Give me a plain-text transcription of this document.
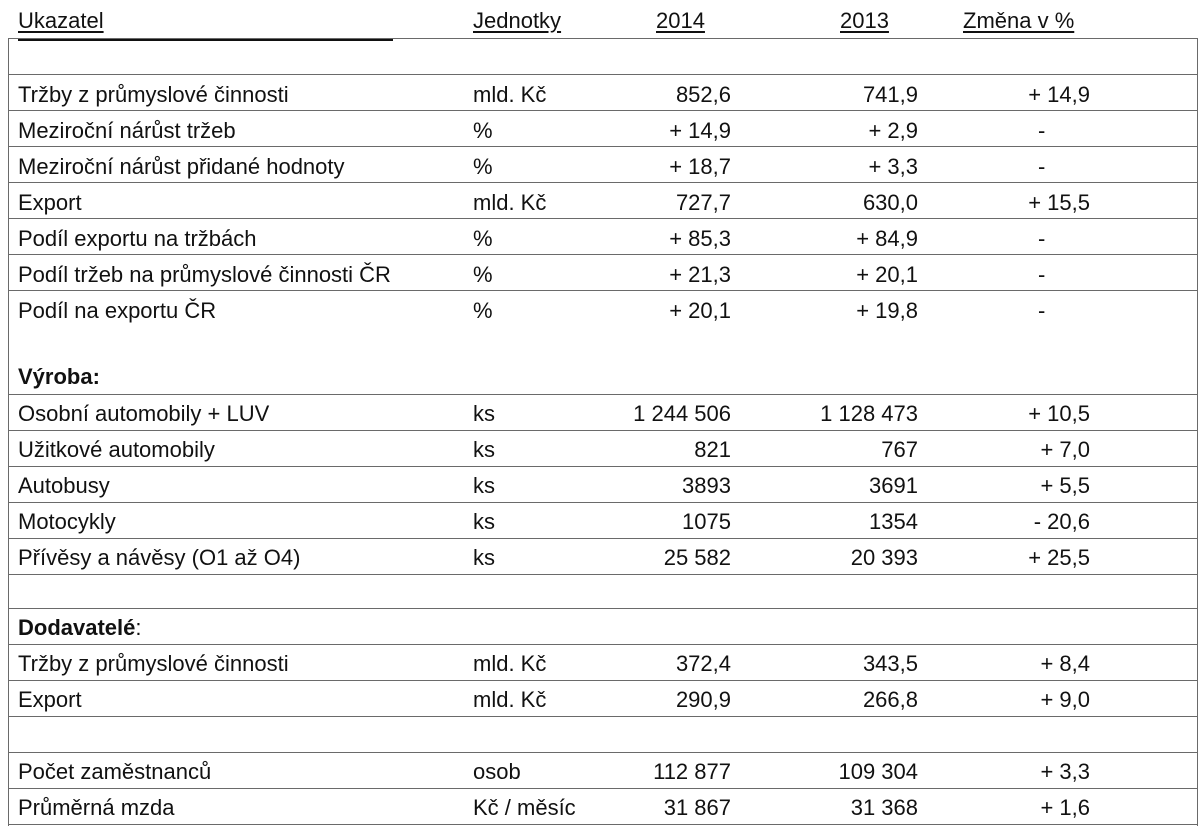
Ukazatel	Jednotky	2014	2013	Změna v %
Tržby z průmyslové činnosti	mld. Kč	852,6	741,9	+ 14,9
Meziroční nárůst tržeb	%	+ 14,9	+ 2,9	-
Meziroční nárůst přidané hodnoty	%	+ 18,7	+ 3,3	-
Export	mld. Kč	727,7	630,0	+ 15,5
Podíl exportu na tržbách	%	+ 85,3	+ 84,9	-
Podíl tržeb na průmyslové činnosti ČR	%	+ 21,3	+ 20,1	-
Podíl na exportu ČR	%	+ 20,1	+ 19,8	-
Výroba:
Osobní automobily + LUV	ks	1 244 506	1 128 473	+ 10,5
Užitkové automobily	ks	821	767	+ 7,0
Autobusy	ks	3893	3691	+ 5,5
Motocykly	ks	1075	1354	- 20,6
Přívěsy a návěsy (O1 až O4)	ks	25 582	20 393	+ 25,5
Dodavatelé:
Tržby z průmyslové činnosti	mld. Kč	372,4	343,5	+ 8,4
Export	mld. Kč	290,9	266,8	+ 9,0
Počet zaměstnanců	osob	112 877	109 304	+ 3,3
Průměrná mzda	Kč / měsíc	31 867	31 368	+ 1,6
